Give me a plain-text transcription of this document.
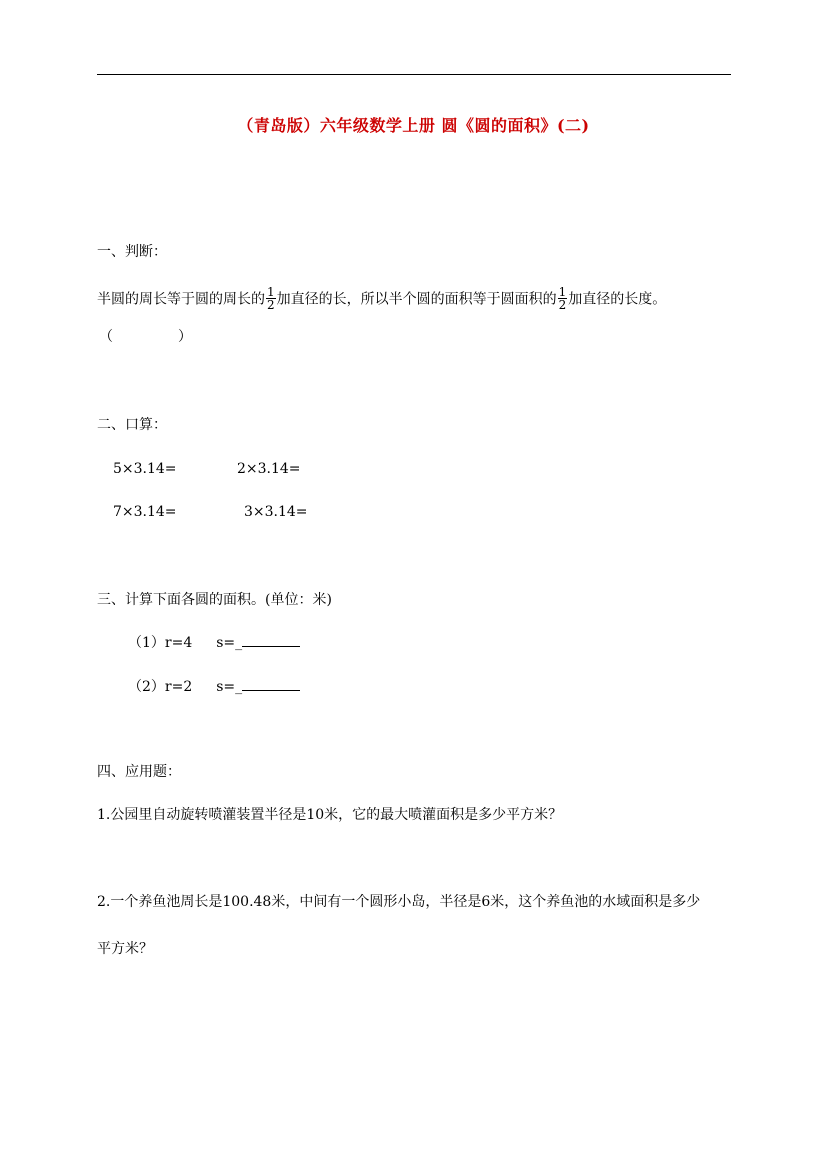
（青岛版）六年级数学上册 圆《圆的面积》(二)
一、判断：
半圆的周长等于圆的周长的 $\frac{1}{2}$ 加直径的长，所以半个圆的面积等于圆面积的 $\frac{1}{2}$ 加直径的长度。
（	）
二、口算：
5×3.14=	2×3.14=
7×3.14=	3×3.14=
三、计算下面各圆的面积。(单位：米)
（1）r=4 s=_
（2）r=2 s=_
四、应用题：
1.公园里自动旋转喷灌装置半径是10米，它的最大喷灌面积是多少平方米？
2.一个养鱼池周长是100.48米，中间有一个圆形小岛，半径是6米，这个养鱼池的水域面积是多少
平方米？
